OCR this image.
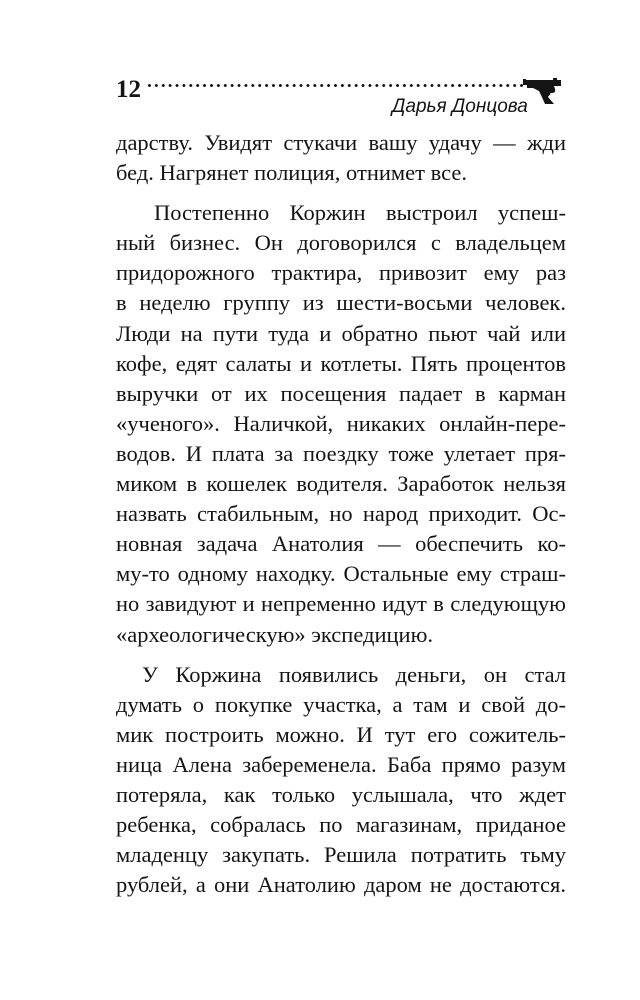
12
Дарья Донцова
дарству. Увидят стукачи вашу удачу — жди
бед. Нагрянет полиция, отнимет все.
Постепенно Коржин выстроил успеш-
ный бизнес. Он договорился с владельцем
придорожного трактира, привозит ему раз
в неделю группу из шести-восьми человек.
Люди на пути туда и обратно пьют чай или
кофе, едят салаты и котлеты. Пять процентов
выручки от их посещения падает в карман
«ученого». Наличкой, никаких онлайн-пере-
водов. И плата за поездку тоже улетает пря-
миком в кошелек водителя. Заработок нельзя
назвать стабильным, но народ приходит. Ос-
новная задача Анатолия — обеспечить ко-
му-то одному находку. Остальные ему страш-
но завидуют и непременно идут в следующую
«археологическую» экспедицию.
У Коржина появились деньги, он стал
думать о покупке участка, а там и свой до-
мик построить можно. И тут его сожитель-
ница Алена забеременела. Баба прямо разум
потеряла, как только услышала, что ждет
ребенка, собралась по магазинам, приданое
младенцу закупать. Решила потратить тьму
рублей, а они Анатолию даром не достаются.
